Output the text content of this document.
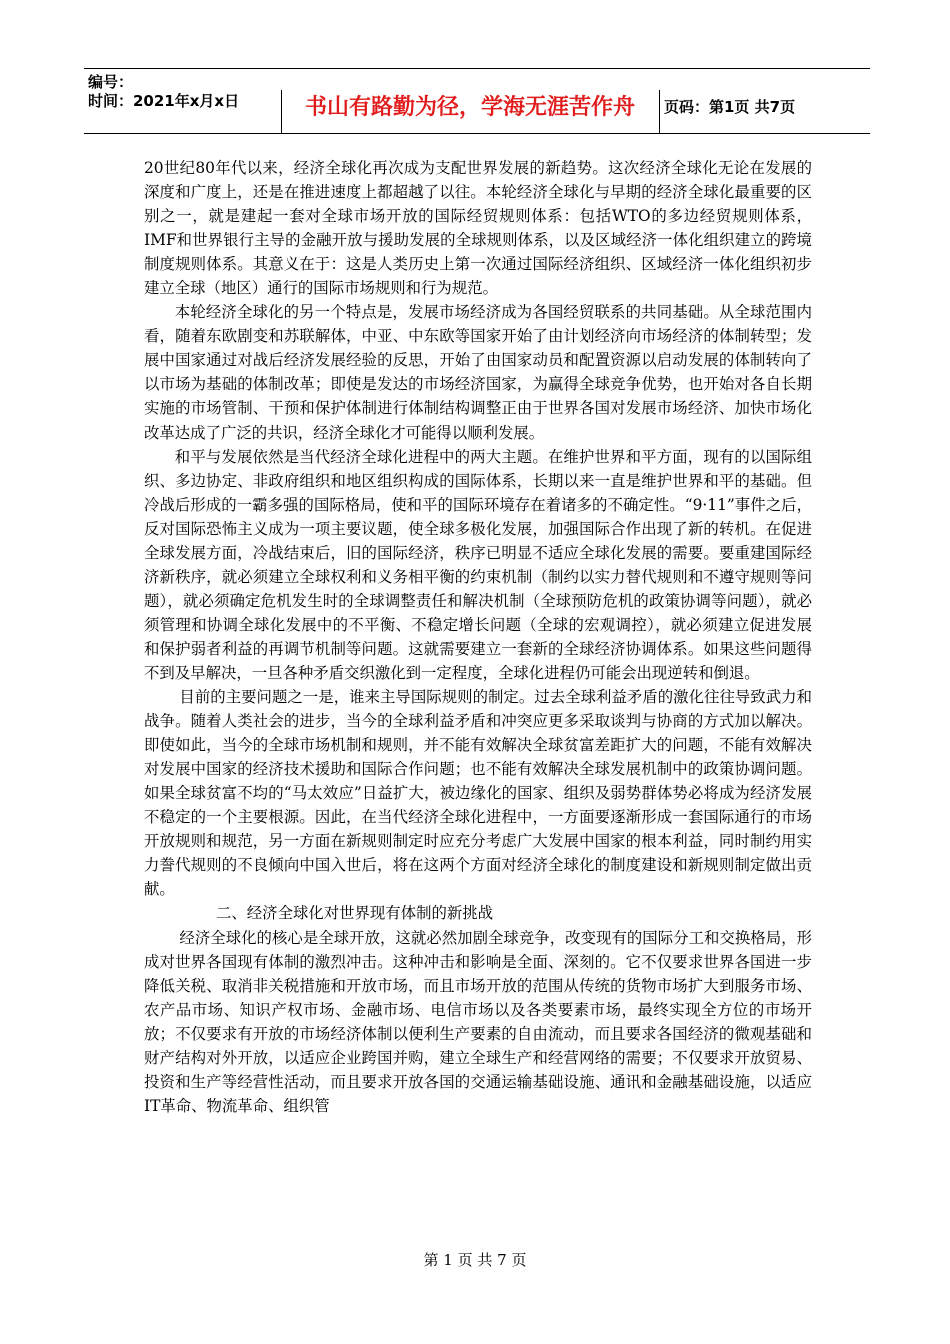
编号：
时间：2021年x月x日	书山有路勤为径，学海无涯苦作舟	页码：第1页 共7页

20世纪80年代以来，经济全球化再次成为支配世界发展的新趋势。这次经济全球化无论在发展的深度和广度上，还是在推进速度上都超越了以往。本轮经济全球化与早期的经济全球化最重要的区别之一，就是建起一套对全球市场开放的国际经贸规则体系：包括WTO的多边经贸规则体系，IMF和世界银行主导的金融开放与援助发展的全球规则体系，以及区域经济一体化组织建立的跨境制度规则体系。其意义在于：这是人类历史上第一次通过国际经济组织、区域经济一体化组织初步建立全球（地区）通行的国际市场规则和行为规范。

本轮经济全球化的另一个特点是，发展市场经济成为各国经贸联系的共同基础。从全球范围内看，随着东欧剧变和苏联解体，中亚、中东欧等国家开始了由计划经济向市场经济的体制转型；发展中国家通过对战后经济发展经验的反思，开始了由国家动员和配置资源以启动发展的体制转向了以市场为基础的体制改革；即使是发达的市场经济国家，为赢得全球竞争优势，也开始对各自长期实施的市场管制、干预和保护体制进行体制结构调整正由于世界各国对发展市场经济、加快市场化改革达成了广泛的共识，经济全球化才可能得以顺利发展。

和平与发展依然是当代经济全球化进程中的两大主题。在维护世界和平方面，现有的以国际组织、多边协定、非政府组织和地区组织构成的国际体系，长期以来一直是维护世界和平的基础。但冷战后形成的一霸多强的国际格局，使和平的国际环境存在着诸多的不确定性。“9·11”事件之后，反对国际恐怖主义成为一项主要议题，使全球多极化发展，加强国际合作出现了新的转机。在促进全球发展方面，冷战结束后，旧的国际经济，秩序已明显不适应全球化发展的需要。要重建国际经济新秩序，就必须建立全球权利和义务相平衡的约束机制（制约以实力替代规则和不遵守规则等问题），就必须确定危机发生时的全球调整责任和解决机制（全球预防危机的政策协调等问题），就必须管理和协调全球化发展中的不平衡、不稳定增长问题（全球的宏观调控），就必须建立促进发展和保护弱者利益的再调节机制等问题。这就需要建立一套新的全球经济协调体系。如果这些问题得不到及早解决，一旦各种矛盾交织激化到一定程度，全球化进程仍可能会出现逆转和倒退。

目前的主要问题之一是，谁来主导国际规则的制定。过去全球利益矛盾的激化往往导致武力和战争。随着人类社会的进步，当今的全球利益矛盾和冲突应更多采取谈判与协商的方式加以解决。即使如此，当今的全球市场机制和规则，并不能有效解决全球贫富差距扩大的问题，不能有效解决对发展中国家的经济技术援助和国际合作问题；也不能有效解决全球发展机制中的政策协调问题。如果全球贫富不均的“马太效应”日益扩大，被边缘化的国家、组织及弱势群体势必将成为经济发展不稳定的一个主要根源。因此，在当代经济全球化进程中，一方面要逐渐形成一套国际通行的市场开放规则和规范，另一方面在新规则制定时应充分考虑广大发展中国家的根本利益，同时制约用实力誊代规则的不良倾向中国入世后，将在这两个方面对经济全球化的制度建设和新规则制定做出贡献。

二、经济全球化对世界现有体制的新挑战

经济全球化的核心是全球开放，这就必然加剧全球竞争，改变现有的国际分工和交换格局，形成对世界各国现有体制的激烈冲击。这种冲击和影响是全面、深刻的。它不仅要求世界各国进一步降低关税、取消非关税措施和开放市场，而且市场开放的范围从传统的货物市场扩大到服务市场、农产品市场、知识产权市场、金融市场、电信市场以及各类要素市场，最终实现全方位的市场开放；不仅要求有开放的市场经济体制以便利生产要素的自由流动，而且要求各国经济的微观基础和财产结构对外开放，以适应企业跨国并购，建立全球生产和经营网络的需要；不仅要求开放贸易、投资和生产等经营性活动，而且要求开放各国的交通运输基础设施、通讯和金融基础设施，以适应IT革命、物流革命、组织管

第 1 页 共 7 页
